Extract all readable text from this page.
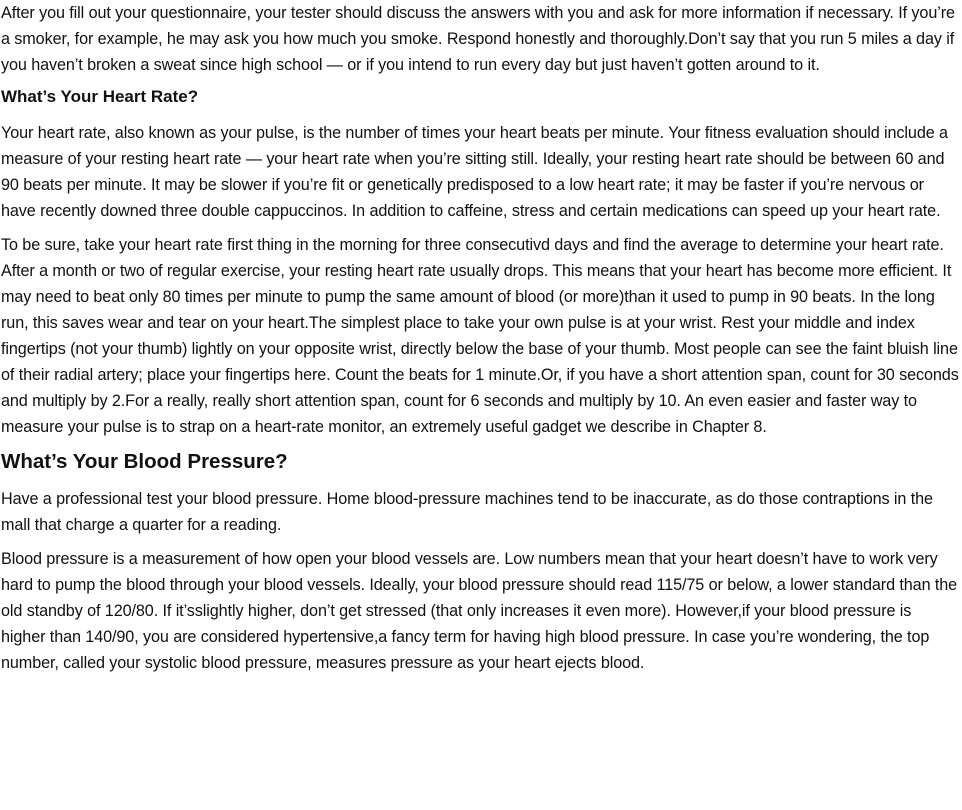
After you fill out your questionnaire, your tester should discuss the answers with you and ask for more information if necessary. If you’re a smoker, for example, he may ask you how much you smoke. Respond honestly and thoroughly.Don’t say that you run 5 miles a day if you haven’t broken a sweat since high school — or if you intend to run every day but just haven’t gotten around to it.

What’s Your Heart Rate?

Your heart rate, also known as your pulse, is the number of times your heart beats per minute. Your fitness evaluation should include a measure of your resting heart rate — your heart rate when you’re sitting still. Ideally, your resting heart rate should be between 60 and 90 beats per minute. It may be slower if you’re fit or genetically predisposed to a low heart rate; it may be faster if you’re nervous or have recently downed three double cappuccinos. In addition to caffeine, stress and certain medications can speed up your heart rate.

To be sure, take your heart rate first thing in the morning for three consecutivd days and find the average to determine your heart rate. After a month or two of regular exercise, your resting heart rate usually drops. This means that your heart has become more efficient. It may need to beat only 80 times per minute to pump the same amount of blood (or more)than it used to pump in 90 beats. In the long run, this saves wear and tear on your heart.The simplest place to take your own pulse is at your wrist. Rest your middle and index fingertips (not your thumb) lightly on your opposite wrist, directly below the base of your thumb. Most people can see the faint bluish line of their radial artery; place your fingertips here. Count the beats for 1 minute.Or, if you have a short attention span, count for 30 seconds and multiply by 2.For a really, really short attention span, count for 6 seconds and multiply by 10. An even easier and faster way to measure your pulse is to strap on a heart-rate monitor, an extremely useful gadget we describe in Chapter 8.

What’s Your Blood Pressure?

Have a professional test your blood pressure. Home blood-pressure machines tend to be inaccurate, as do those contraptions in the mall that charge a quarter for a reading.

Blood pressure is a measurement of how open your blood vessels are. Low numbers mean that your heart doesn’t have to work very hard to pump the blood through your blood vessels. Ideally, your blood pressure should read 115/75 or below, a lower standard than the old standby of 120/80. If it’sslightly higher, don’t get stressed (that only increases it even more). However,if your blood pressure is higher than 140/90, you are considered hypertensive,a fancy term for having high blood pressure. In case you’re wondering, the top number, called your systolic blood pressure, measures pressure as your heart ejects blood.
